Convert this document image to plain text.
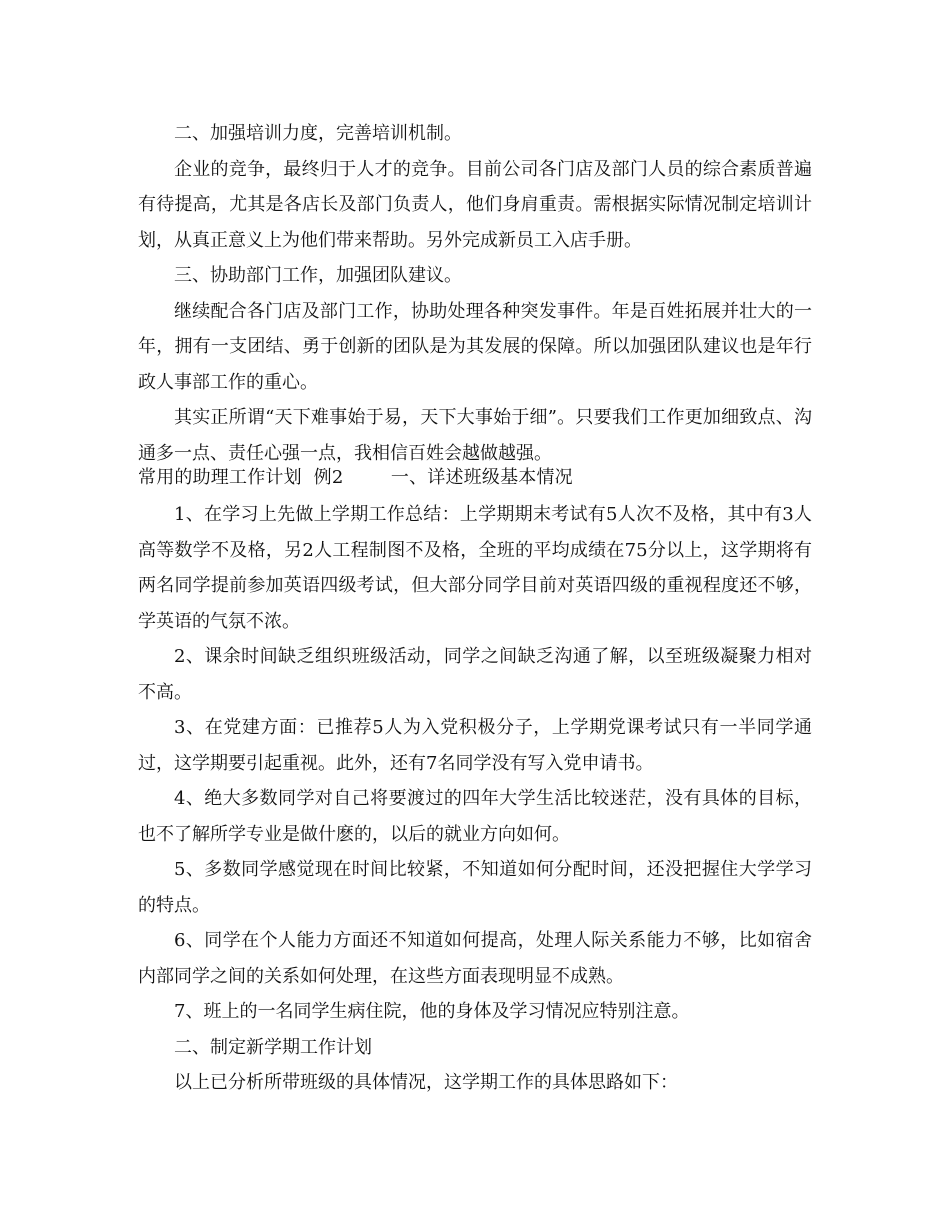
二、加强培训力度，完善培训机制。

企业的竞争，最终归于人才的竞争。目前公司各门店及部门人员的综合素质普遍有待提高，尤其是各店长及部门负责人，他们身肩重责。需根据实际情况制定培训计划，从真正意义上为他们带来帮助。另外完成新员工入店手册。

三、协助部门工作，加强团队建议。

继续配合各门店及部门工作，协助处理各种突发事件。年是百姓拓展并壮大的一年，拥有一支团结、勇于创新的团队是为其发展的保障。所以加强团队建议也是年行政人事部工作的重心。

其实正所谓“天下难事始于易，天下大事始于细”。只要我们工作更加细致点、沟通多一点、责任心强一点，我相信百姓会越做越强。

常用的助理工作计划  例2        一、详述班级基本情况

1、在学习上先做上学期工作总结：上学期期末考试有5人次不及格，其中有3人高等数学不及格，另2人工程制图不及格，全班的平均成绩在75分以上，这学期将有两名同学提前参加英语四级考试，但大部分同学目前对英语四级的重视程度还不够，学英语的气氛不浓。

2、课余时间缺乏组织班级活动，同学之间缺乏沟通了解，以至班级凝聚力相对不高。

3、在党建方面：已推荐5人为入党积极分子，上学期党课考试只有一半同学通过，这学期要引起重视。此外，还有7名同学没有写入党申请书。

4、绝大多数同学对自己将要渡过的四年大学生活比较迷茫，没有具体的目标，也不了解所学专业是做什麽的，以后的就业方向如何。

5、多数同学感觉现在时间比较紧，不知道如何分配时间，还没把握住大学学习的特点。

6、同学在个人能力方面还不知道如何提高，处理人际关系能力不够，比如宿舍内部同学之间的关系如何处理，在这些方面表现明显不成熟。

7、班上的一名同学生病住院，他的身体及学习情况应特别注意。

二、制定新学期工作计划

以上已分析所带班级的具体情况，这学期工作的具体思路如下：
